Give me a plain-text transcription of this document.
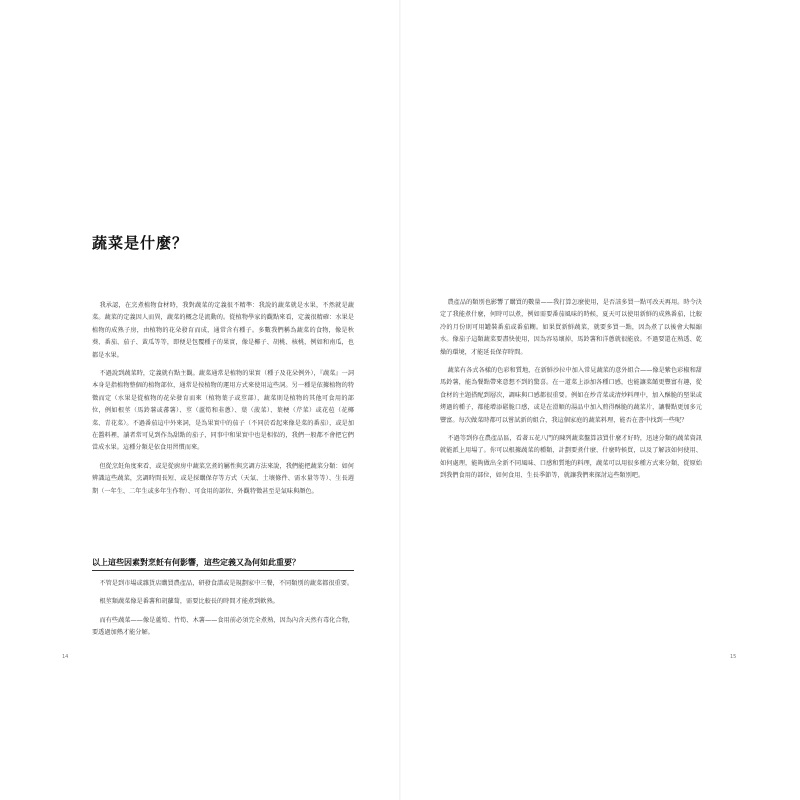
蔬菜是什麼？

我承認，在烹煮植物食材時，我對蔬菜的定義很不精準：我說的蔬菜就是水果，不然就是蔬菜。蔬菜的定義因人而異，蔬菜的概念是流動的。從植物學家的觀點來看，定義很精確：水果是植物的成熟子房，由植物的花朵發育而成，通常含有種子。多數我們稱為蔬菜的食物，像是秋葵、番茄、茄子、黃瓜等等，即便是包覆種子的果實，像是椰子、胡桃、核桃，例如和南瓜，也都是水果。

不過說到蔬菜時，定義就有點主觀。蔬菜通常是植物的果實（種子及花朵例外），『蔬菜』一詞本身是指植物整個的植物部位，通常是按植物的運用方式來使用這些詞。另一種是依據植物的特徵而定（水果是從植物的花朵發育而來（植物葉子或莖部），蔬菜則是植物的其他可食用的部位，例如根莖（馬鈴薯或蕃薯）、莖（蘆筍和韭蔥）、葉（菠菜）、葉梗（芹菜）或花苞（花椰菜、青花菜）。不過番茄這中外來詞，是為果實中的茄子（不同於看起來像是菜的番茄），或是加在醬料裡，讀者常可見到作為甜點的茄子，同事中和果實中也是相似的，我們一般都不會把它們當成水果。這種分類是依食用習慣而來。

但從烹飪角度來看，或是從廚房中蔬菜烹煮的屬性與烹調方法來說，我們能把蔬菜分類：如何辨識這些蔬菜，烹調時間長短、或是採購保存等方式（天氣、土壤條件、需水量等等）、生長週期（一年生、二年生或多年生作物）、可食用的部位、外觀特徵甚至是氣味與顏色。

以上這些因素對烹飪有何影響，這些定義又為何如此重要？

不管是到市場或雜貨店購買農產品，研發食譜或是規劃家中三餐，不同類別的蔬菜都很重要。

根莖類蔬菜像是番薯和胡蘿蔔，需要比較長的時間才能煮到軟熟。

而有些蔬菜——像是蘆筍、竹筍、木薯——食用前必須完全煮熟，因為內含天然有毒化合物，要透過加熱才能分解。

農產品的類別也影響了購買的數量——我打算怎麼使用，是否該多買一點可改天再用。時令決定了我能煮什麼，何時可以煮，例如需要番茄風味的時候，夏天可以使用新鮮的成熟番茄，比較冷的月份則可用罐裝番茄或番茄糊。如果買新鮮蔬菜，就要多買一點，因為煮了以後會大幅縮水。像茄子這類蔬菜要盡快使用，因為容易壞掉，馬鈴薯和洋蔥就很能放。不過要還在熟透、乾燥的環境，才能延長保存時間。

蔬菜有各式各樣的色彩和質地，在新鮮沙拉中加入常見蔬菜的意外組合——像是紫色彩椒和甜馬鈴薯，能為餐點帶來意想不到的驚喜。在一道菜上添加各種口感，也能讓菜餚更豐富有趣，從食材的主題搭配到層次，調味與口感都很重要。例如在炒青菜或清炒料理中，加入酥脆的堅果或烤過的種子，都能增添鬆脆口感，或是在滑順的湯品中加入煎得酥脆的蔬菜片，讓餐點更加多元豐富。每次做菜時都可以嘗試新的組合，我這個家庭的蔬菜料理，能否在書中找到一些呢？

不過等到你在農產品區，看著五花八門的陳列蔬菜盤算該買什麼才好時，迅速分類的蔬菜資訊就能派上用場了。你可以根據蔬菜的種類，計劃要煮什麼、什麼時候買，以及了解該如何使用、如何處理，能夠做出全新不同風味、口感和質地的料理，蔬菜可以用很多種方式來分類，從原始到我們食用的部位，如何食用、生長季節等，就讓我們來探討這些類別吧。

14	15
